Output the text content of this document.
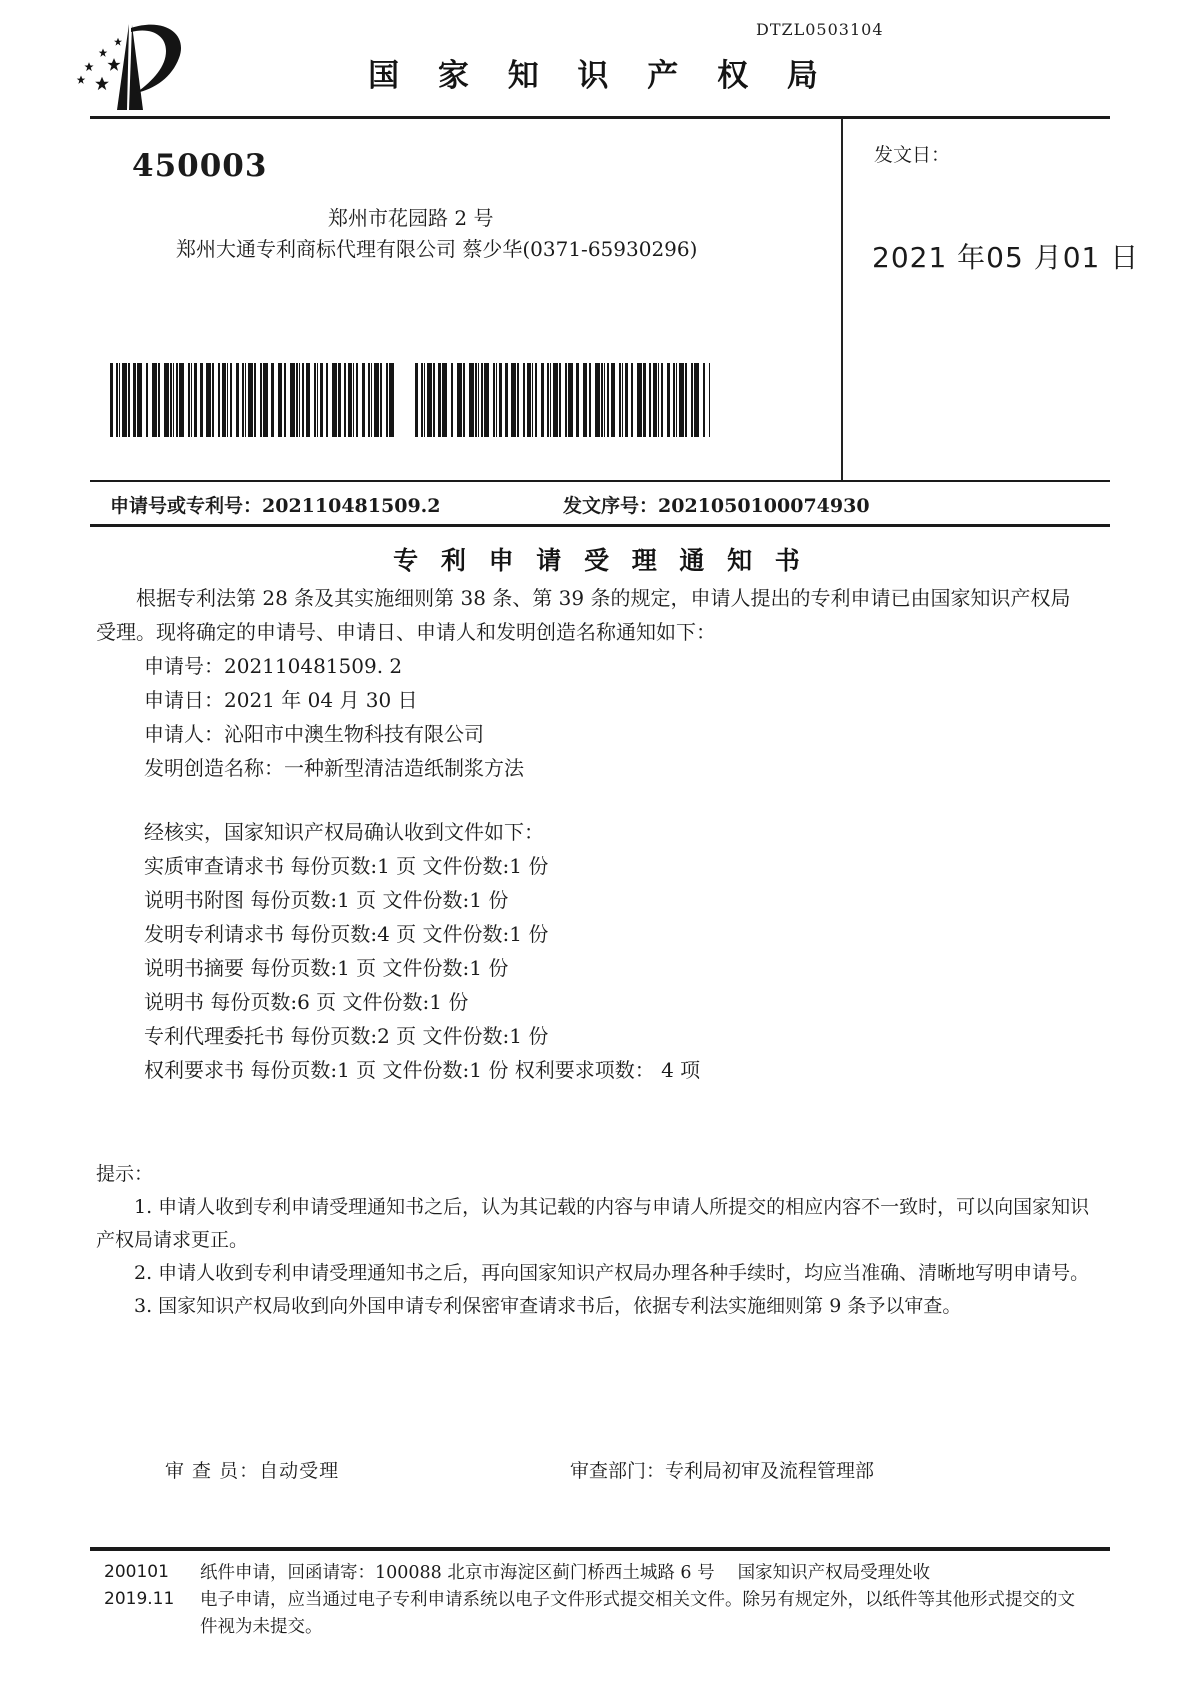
DTZL0503104
国 家 知 识 产 权 局
450003
郑州市花园路 2 号
郑州大通专利商标代理有限公司 蔡少华(0371-65930296)
发文日：
2021 年05 月01 日
申请号或专利号：202110481509.2	发文序号：2021050100074930
专 利 申 请 受 理 通 知 书

根据专利法第 28 条及其实施细则第 38 条、第 39 条的规定，申请人提出的专利申请已由国家知识产权局受理。现将确定的申请号、申请日、申请人和发明创造名称通知如下：

申请号：202110481509. 2

申请日：2021 年 04 月 30 日

申请人：沁阳市中澳生物科技有限公司

发明创造名称：一种新型清洁造纸制浆方法

经核实，国家知识产权局确认收到文件如下：

实质审查请求书 每份页数:1 页 文件份数:1 份

说明书附图 每份页数:1 页 文件份数:1 份

发明专利请求书 每份页数:4 页 文件份数:1 份

说明书摘要 每份页数:1 页 文件份数:1 份

说明书 每份页数:6 页 文件份数:1 份

专利代理委托书 每份页数:2 页 文件份数:1 份

权利要求书 每份页数:1 页 文件份数:1 份 权利要求项数： 4 项

提示：

1. 申请人收到专利申请受理通知书之后，认为其记载的内容与申请人所提交的相应内容不一致时，可以向国家知识产权局请求更正。

2. 申请人收到专利申请受理通知书之后，再向国家知识产权局办理各种手续时，均应当准确、清晰地写明申请号。

3. 国家知识产权局收到向外国申请专利保密审查请求书后，依据专利法实施细则第 9 条予以审查。

审 查 员：自动受理	审查部门：专利局初审及流程管理部
200101
2019.11

纸件申请，回函请寄：100088 北京市海淀区蓟门桥西土城路 6 号　 国家知识产权局受理处收

电子申请，应当通过电子专利申请系统以电子文件形式提交相关文件。除另有规定外，以纸件等其他形式提交的文件视为未提交。
